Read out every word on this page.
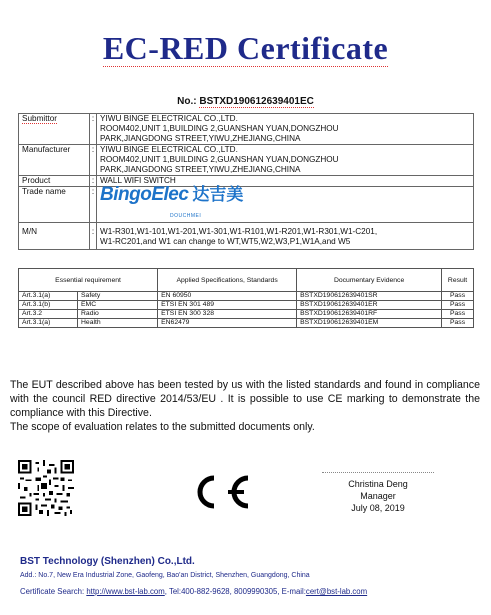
EC-RED Certificate
No.: BSTXD190612639401EC
Submittor	:	YIWU BINGE ELECTRICAL CO.,LTD.
ROOM402,UNIT 1,BUILDING 2,GUANSHAN YUAN,DONGZHOU
PARK,JIANGDONG STREET,YIWU,ZHEJIANG,CHINA

Manufacturer	:	YIWU BINGE ELECTRICAL CO.,LTD.
ROOM402,UNIT 1,BUILDING 2,GUANSHAN YUAN,DONGZHOU
PARK,JIANGDONG STREET,YIWU,ZHEJIANG,CHINA

Product	:	WALL WIFI SWITCH
Trade name	:	BingoElec 达吉美
DOUCHMEI

M/N	:	W1-R301,W1-101,W1-201,W1-301,W1-R101,W1-R201,W1-R301,W1-C201,
W1-RC201,and W1 can change to WT,WT5,W2,W3,P1,W1A,and W5
Essential requirement		Applied Specifications, Standards	Documentary Evidence	Result
Art.3.1(a)	Safety	EN 60950	BSTXD190612639401SR	Pass
Art.3.1(b)	EMC	ETSI EN 301 489	BSTXD190612639401ER	Pass
Art.3.2	Radio	ETSI EN 300 328	BSTXD190612639401RF	Pass
Art.3.1(a)	Health	EN62479	BSTXD190612639401EM	Pass
The EUT described above has been tested by us with the listed standards and found in compliance with the council RED directive 2014/53/EU . It is possible to use CE marking to demonstrate the compliance with this Directive.
The scope of evaluation relates to the submitted documents only.
Christina Deng
Manager
July 08, 2019
BST Technology (Shenzhen) Co.,Ltd.
Add.: No.7, New Era Industrial Zone, Gaofeng, Bao'an District, Shenzhen, Guangdong, China
Certificate Search: http://www.bst-lab.com, Tel:400-882-9628, 8009990305, E-mail:cert@bst-lab.com
